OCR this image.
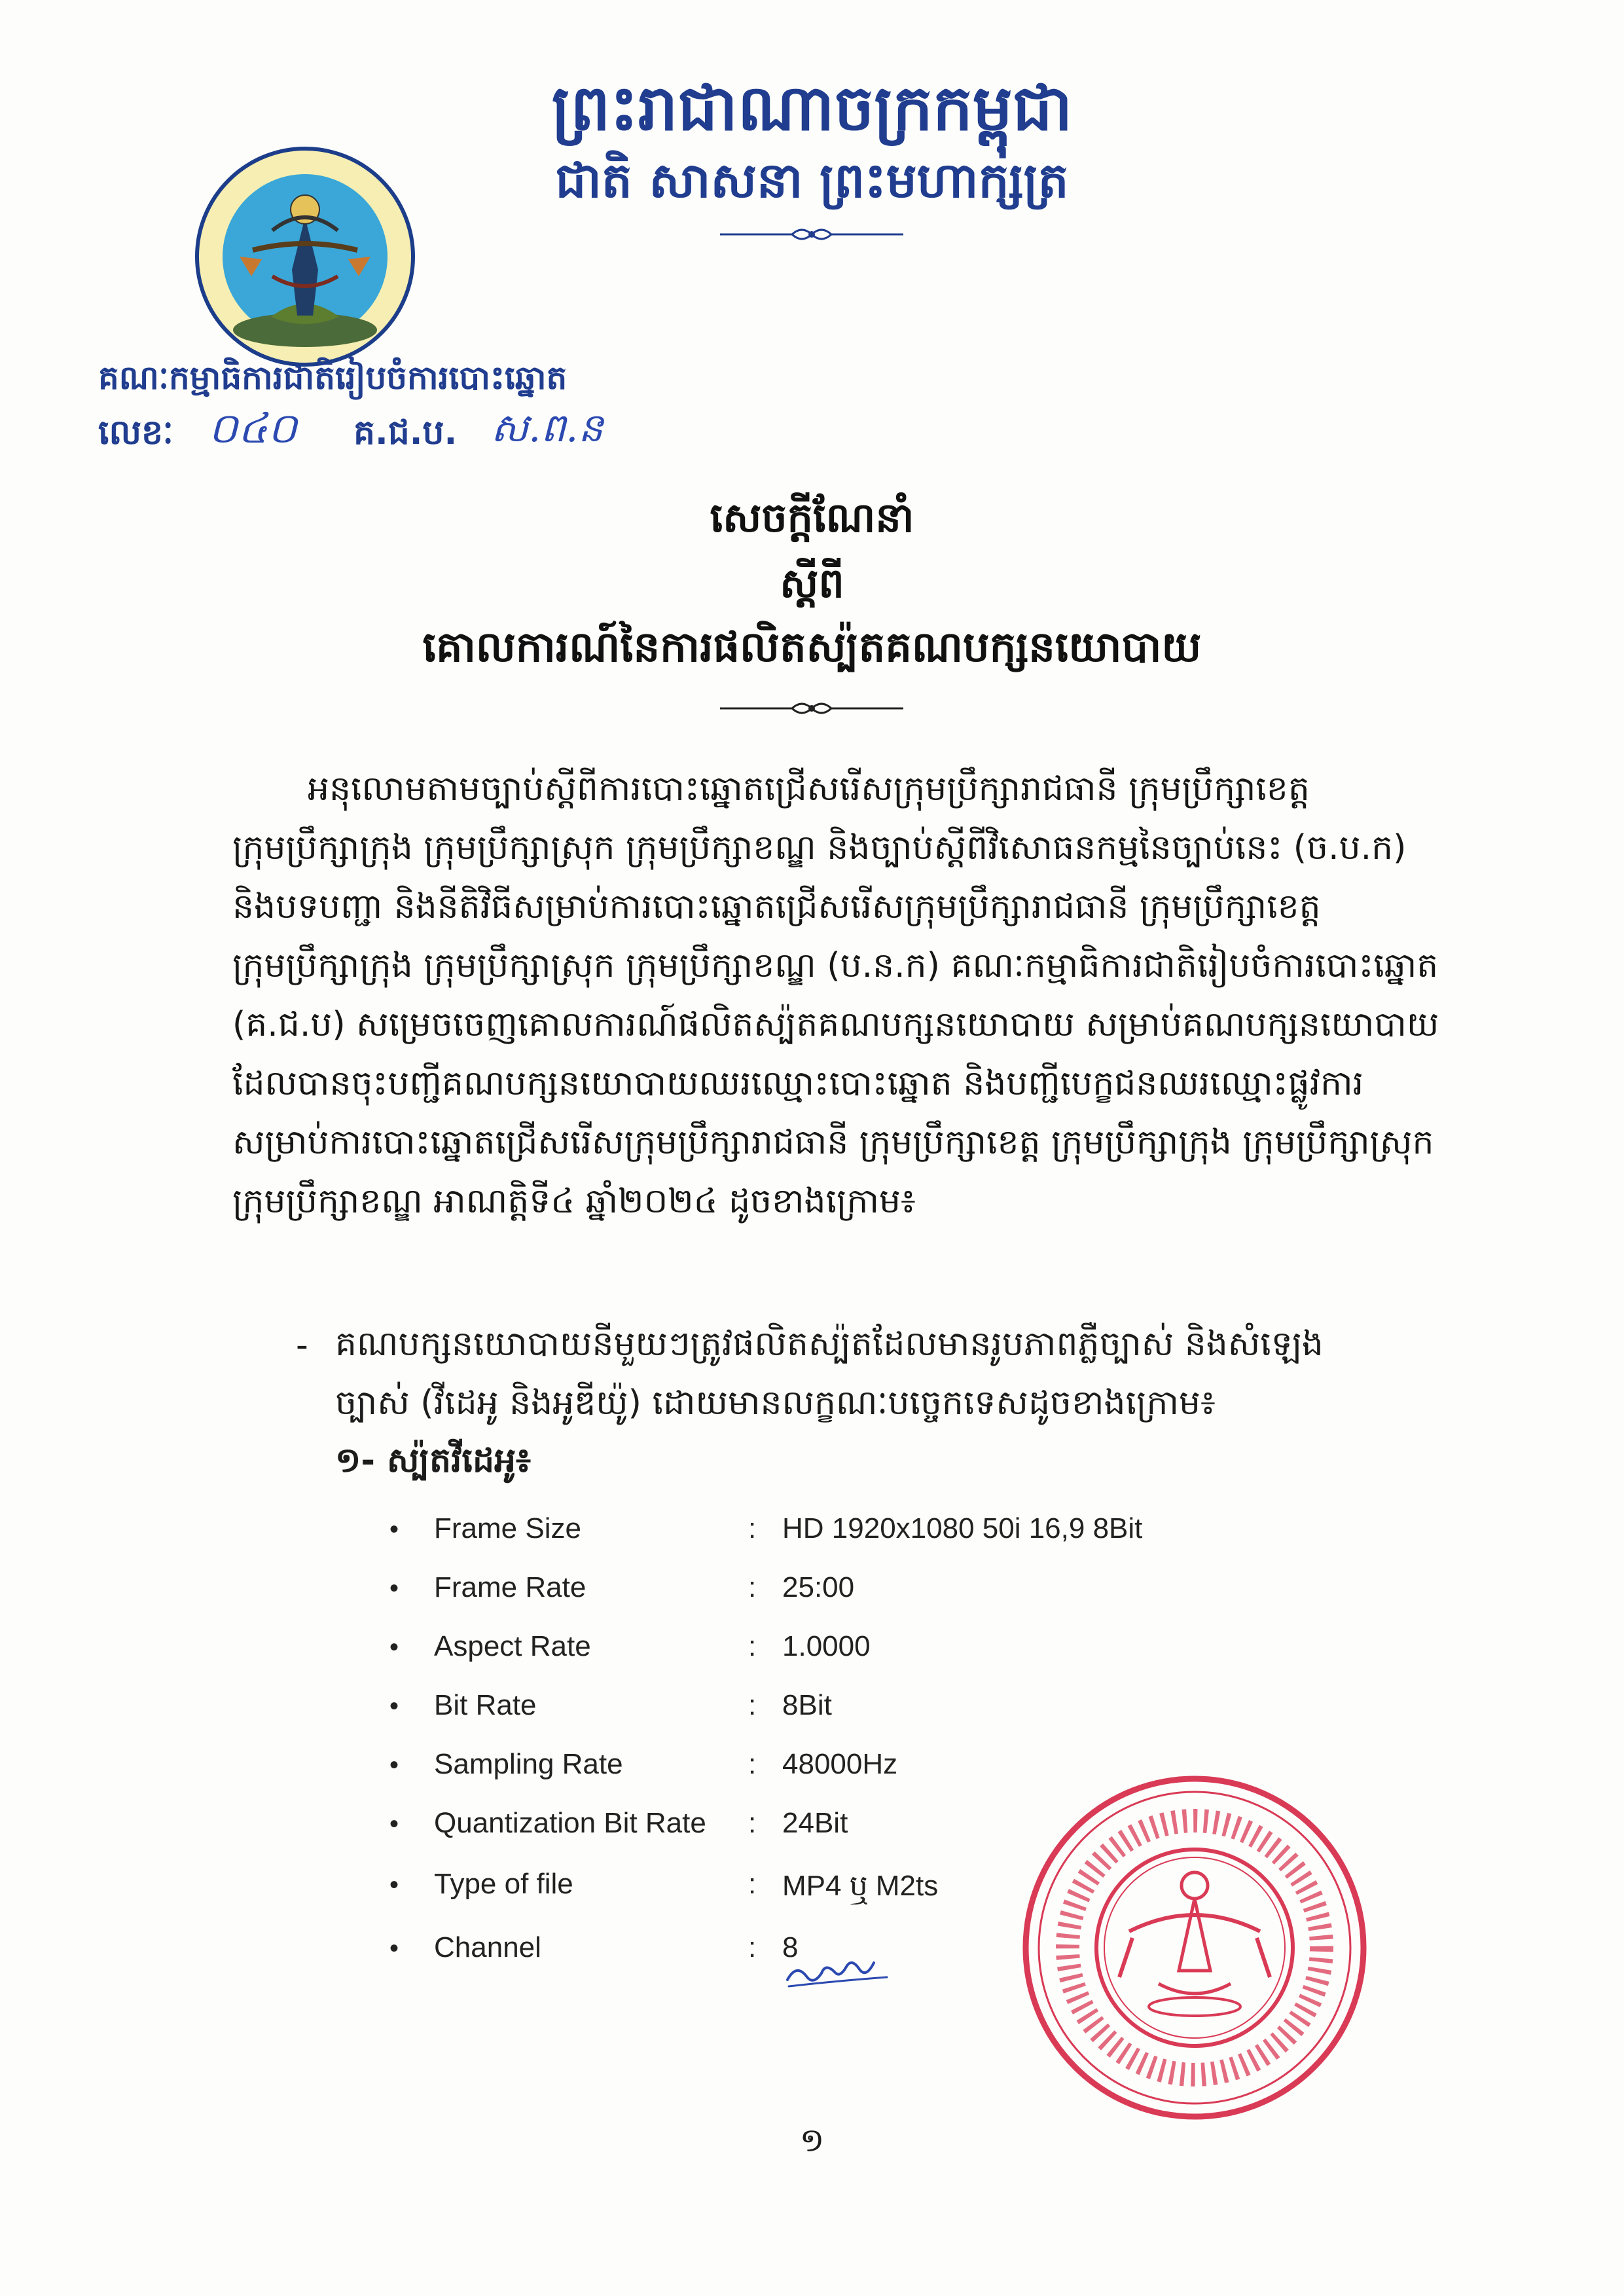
ព្រះរាជាណាចក្រកម្ពុជា
ជាតិ សាសនា ព្រះមហាក្សត្រ
គណៈកម្មាធិការជាតិរៀបចំការបោះឆ្នោត
លេខៈ ០៤០ គ.ជ.ប. ស.ព.ន
សេចក្តីណែនាំ
ស្តីពី
គោលការណ៍នៃការផលិតស្ប៉តគណបក្សនយោបាយ
អនុលោមតាមច្បាប់ស្តីពីការបោះឆ្នោតជ្រើសរើសក្រុមប្រឹក្សារាជធានី ក្រុមប្រឹក្សាខេត្ត
ក្រុមប្រឹក្សាក្រុង ក្រុមប្រឹក្សាស្រុក ក្រុមប្រឹក្សាខណ្ឌ និងច្បាប់ស្តីពីវិសោធនកម្មនៃច្បាប់នេះ (ច.ប.ក)
និងបទបញ្ជា និងនីតិវិធីសម្រាប់ការបោះឆ្នោតជ្រើសរើសក្រុមប្រឹក្សារាជធានី ក្រុមប្រឹក្សាខេត្ត
ក្រុមប្រឹក្សាក្រុង ក្រុមប្រឹក្សាស្រុក ក្រុមប្រឹក្សាខណ្ឌ (ប.ន.ក) គណៈកម្មាធិការជាតិរៀបចំការបោះឆ្នោត
(គ.ជ.ប) សម្រេចចេញគោលការណ៍ផលិតស្ប៉តគណបក្សនយោបាយ សម្រាប់គណបក្សនយោបាយ
ដែលបានចុះបញ្ជីគណបក្សនយោបាយឈរឈ្មោះបោះឆ្នោត និងបញ្ជីបេក្ខជនឈរឈ្មោះផ្លូវការ
សម្រាប់ការបោះឆ្នោតជ្រើសរើសក្រុមប្រឹក្សារាជធានី ក្រុមប្រឹក្សាខេត្ត ក្រុមប្រឹក្សាក្រុង ក្រុមប្រឹក្សាស្រុក
ក្រុមប្រឹក្សាខណ្ឌ អាណត្តិទី៤ ឆ្នាំ២០២៤ ដូចខាងក្រោម៖
- គណបក្សនយោបាយនីមួយៗត្រូវផលិតស្ប៉តដែលមានរូបភាពភ្លឺច្បាស់ និងសំឡេង
ច្បាស់ (វីដេអូ និងអូឌីយ៉ូ) ដោយមានលក្ខណៈបច្ចេកទេសដូចខាងក្រោម៖
១- ស្ប៉តវីដេអូ៖
• Frame Size	: HD 1920x1080 50i 16,9 8Bit
• Frame Rate	: 25:00
• Aspect Rate	: 1.0000
• Bit Rate	: 8Bit
• Sampling Rate	: 48000Hz
• Quantization Bit Rate : 24Bit
• Type of file	: MP4 ឬ M2ts
• Channel	: 8
១
